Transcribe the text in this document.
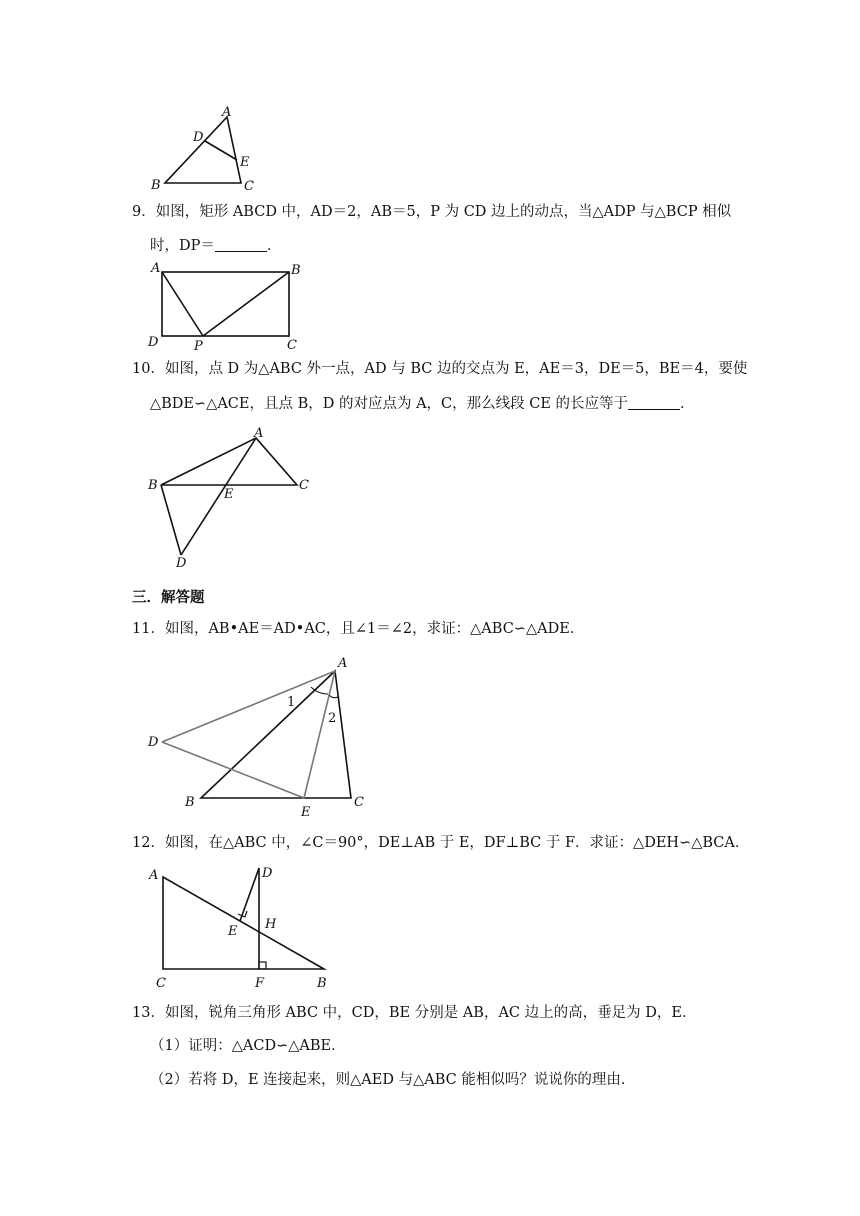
A
D
E
B	C
9．如图，矩形 ABCD 中，AD＝2，AB＝5，P 为 CD 边上的动点，当△ADP 与△BCP 相似
时，DP＝	．
A	B
D	P	C
10．如图，点 D 为△ABC 外一点，AD 与 BC 边的交点为 E，AE＝3，DE＝5，BE＝4，要使
△BDE∽△ACE，且点 B，D 的对应点为 A，C，那么线段 CE 的长应等于	．
A
B
E
C
D
三．解答题
11．如图，AB•AE＝AD•AC，且∠1＝∠2，求证：△ABC∽△ADE．
A
1
2
D
B
E
C
12．如图，在△ABC 中，∠C＝90°，DE⊥AB 于 E，DF⊥BC 于 F．求证：△DEH∽△BCA．
A	D
H
E
C	F	B
13．如图，锐角三角形 ABC 中，CD，BE 分别是 AB，AC 边上的高，垂足为 D，E．
（1）证明：△ACD∽△ABE．
（2）若将 D，E 连接起来，则△AED 与△ABC 能相似吗？说说你的理由．
